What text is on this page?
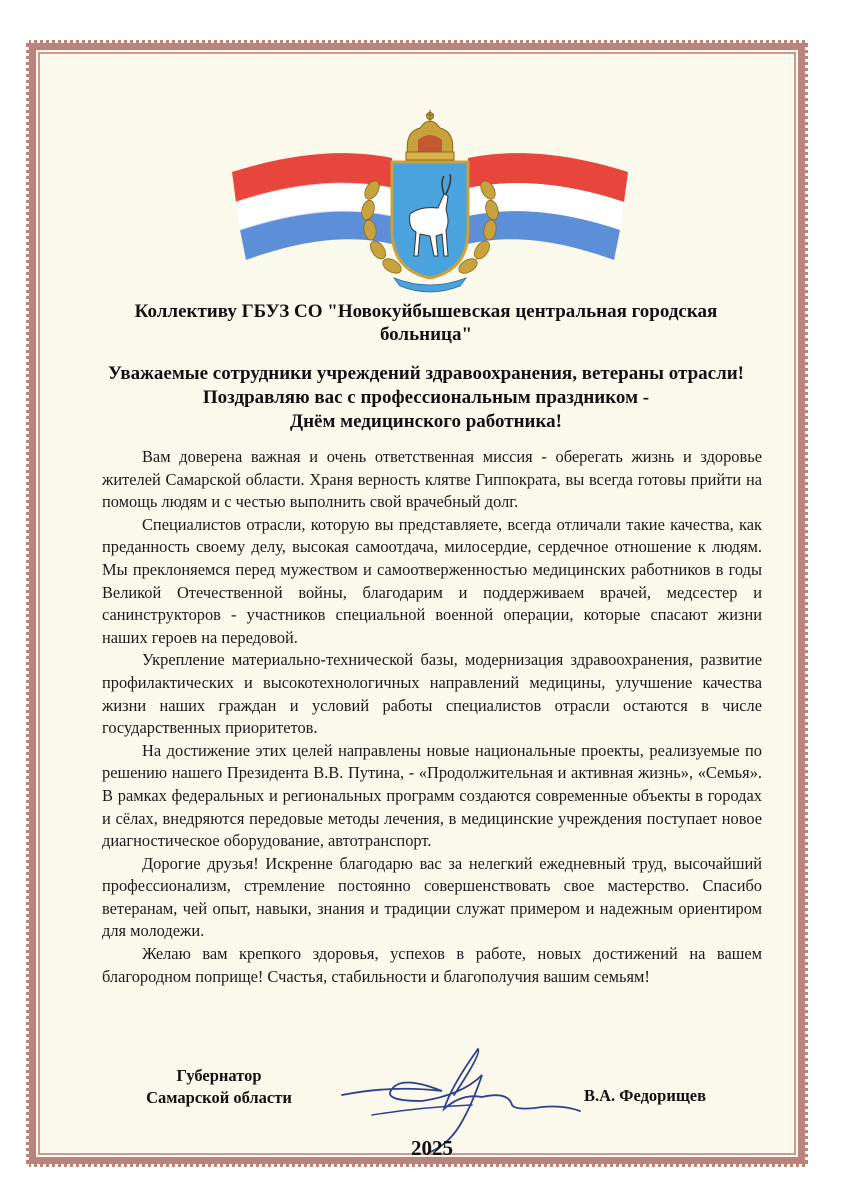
Коллективу ГБУЗ СО "Новокуйбышевская центральная городская больница"

Уважаемые сотрудники учреждений здравоохранения, ветераны отрасли!
Поздравляю вас с профессиональным праздником -
Днём медицинского работника!

Вам доверена важная и очень ответственная миссия - оберегать жизнь и здоровье жителей Самарской области. Храня верность клятве Гиппократа, вы всегда готовы прийти на помощь людям и с честью выполнить свой врачебный долг.

Специалистов отрасли, которую вы представляете, всегда отличали такие качества, как преданность своему делу, высокая самоотдача, милосердие, сердечное отношение к людям. Мы преклоняемся перед мужеством и самоотверженностью медицинских работников в годы Великой Отечественной войны, благодарим и поддерживаем врачей, медсестер и санинструкторов - участников специальной военной операции, которые спасают жизни наших героев на передовой.

Укрепление материально-технической базы, модернизация здравоохранения, развитие профилактических и высокотехнологичных направлений медицины, улучшение качества жизни наших граждан и условий работы специалистов отрасли остаются в числе государственных приоритетов.

На достижение этих целей направлены новые национальные проекты, реализуемые по решению нашего Президента В.В. Путина, - «Продолжительная и активная жизнь», «Семья». В рамках федеральных и региональных программ создаются современные объекты в городах и сёлах, внедряются передовые методы лечения, в медицинские учреждения поступает новое диагностическое оборудование, автотранспорт.

Дорогие друзья! Искренне благодарю вас за нелегкий ежедневный труд, высочайший профессионализм, стремление постоянно совершенствовать свое мастерство. Спасибо ветеранам, чей опыт, навыки, знания и традиции служат примером и надежным ориентиром для молодежи.

Желаю вам крепкого здоровья, успехов в работе, новых достижений на вашем благородном поприще! Счастья, стабильности и благополучия вашим семьям!

Губернатор
Самарской области	В.А. Федорищев
2025
